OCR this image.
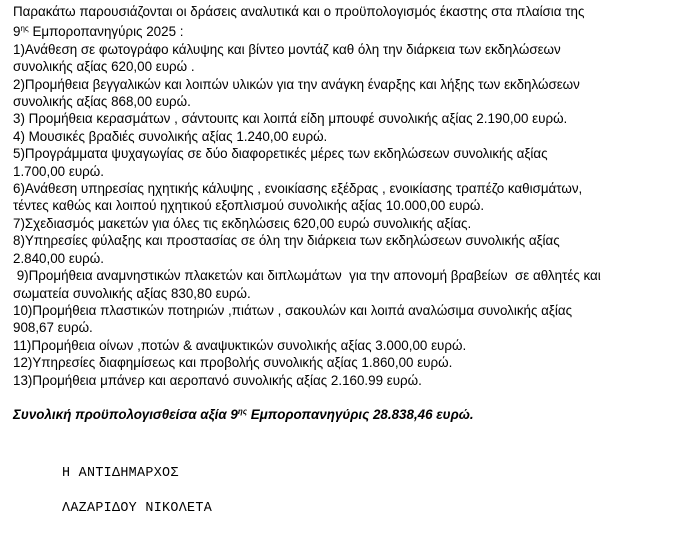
Παρακάτω παρουσιάζονται οι δράσεις αναλυτικά και ο προϋπολογισμός έκαστης στα πλαίσια της
$9^{\eta\varsigma}$ Εμποροπανηγύρις 2025 :
1)Ανάθεση σε φωτογράφο κάλυψης και βίντεο μοντάζ καθ όλη την διάρκεια των εκδηλώσεων
συνολικής αξίας 620,00 ευρώ .
2)Προμήθεια βεγγαλικών και λοιπών υλικών για την ανάγκη έναρξης και λήξης των εκδηλώσεων
συνολικής αξίας 868,00 ευρώ.
3) Προμήθεια κερασμάτων , σάντουιτς και λοιπά είδη μπουφέ συνολικής αξίας 2.190,00 ευρώ.
4) Μουσικές βραδιές συνολικής αξίας 1.240,00 ευρώ.
5)Προγράμματα ψυχαγωγίας σε δύο διαφορετικές μέρες των εκδηλώσεων συνολικής αξίας
1.700,00 ευρώ.
6)Ανάθεση υπηρεσίας ηχητικής κάλυψης , ενοικίασης εξέδρας , ενοικίασης τραπέζο καθισμάτων,
τέντες καθώς και λοιπού ηχητικού εξοπλισμού συνολικής αξίας 10.000,00 ευρώ.
7)Σχεδιασμός μακετών για όλες τις εκδηλώσεις 620,00 ευρώ συνολικής αξίας.
8)Υπηρεσίες φύλαξης και προστασίας σε όλη την διάρκεια των εκδηλώσεων συνολικής αξίας
2.840,00 ευρώ.
9)Προμήθεια αναμνηστικών πλακετών και διπλωμάτων  για την απονομή βραβείων  σε αθλητές και
σωματεία συνολικής αξίας 830,80 ευρώ.
10)Προμήθεια πλαστικών ποτηριών ,πιάτων , σακουλών και λοιπά αναλώσιμα συνολικής αξίας
908,67 ευρώ.
11)Προμήθεια οίνων ,ποτών & αναψυκτικών συνολικής αξίας 3.000,00 ευρώ.
12)Υπηρεσίες διαφημίσεως και προβολής συνολικής αξίας 1.860,00 ευρώ.
13)Προμήθεια μπάνερ και αεροπανό συνολικής αξίας 2.160.99 ευρώ.
Συνολική προϋπολογισθείσα αξία $9^{\eta\varsigma}$ Εμποροπανηγύρις 28.838,46 ευρώ.
Η ΑΝΤΙΔΗΜΑΡΧΟΣ
ΛΑΖΑΡΙΔΟΥ ΝΙΚΟΛΕΤΑ
